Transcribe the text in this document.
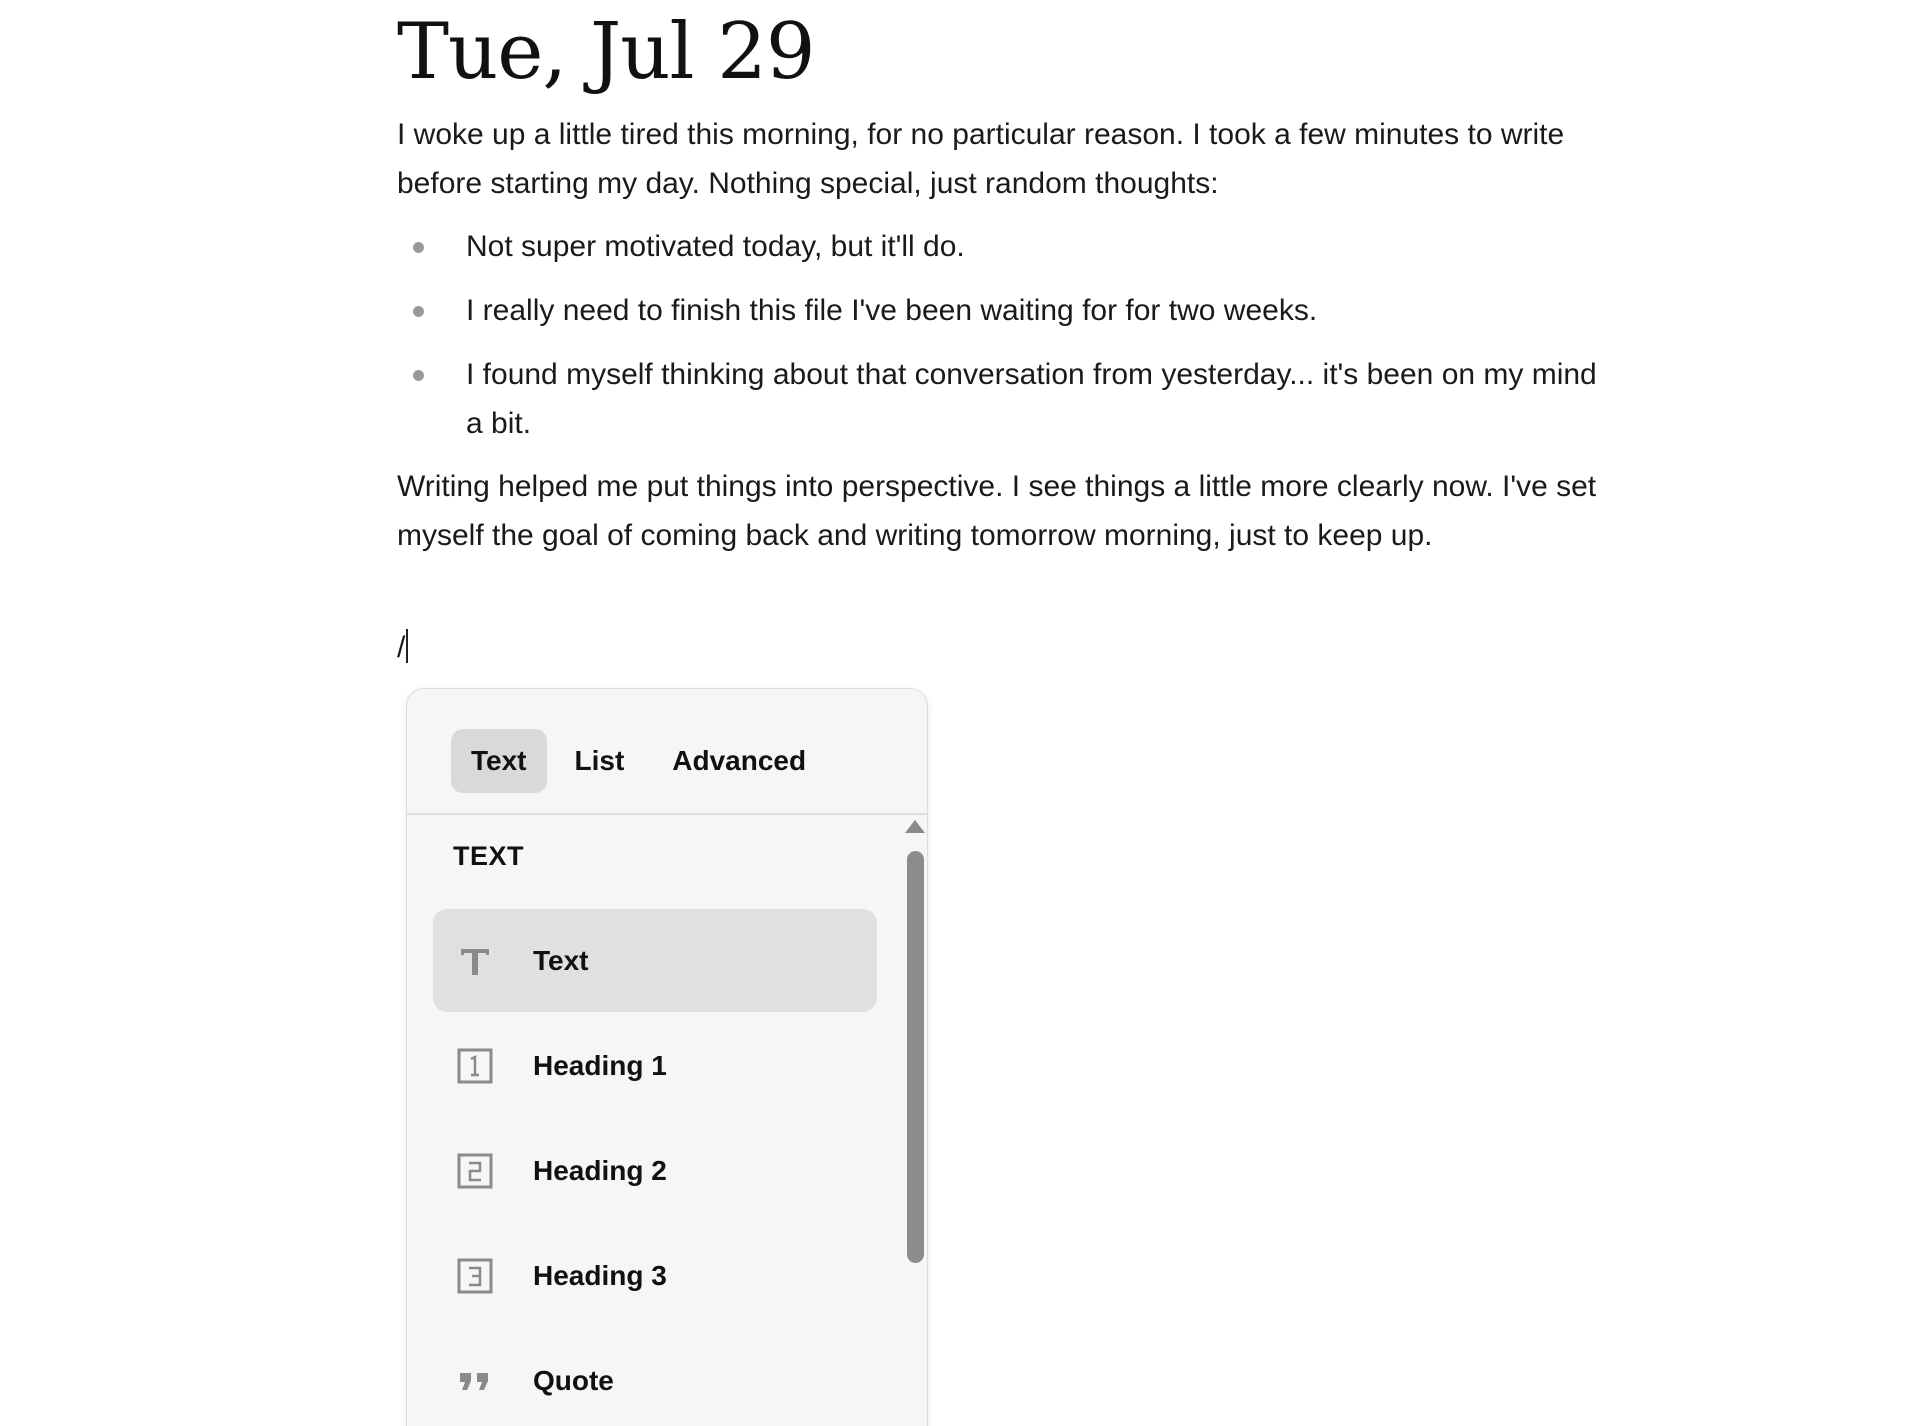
Tue, Jul 29

I woke up a little tired this morning, for no particular reason. I took a few minutes to write before starting my day. Nothing special, just random thoughts:

Not super motivated today, but it'll do.
I really need to finish this file I've been waiting for for two weeks.
I found myself thinking about that conversation from yesterday... it's been on my mind a bit.

Writing helped me put things into perspective. I see things a little more clearly now. I've set myself the goal of coming back and writing tomorrow morning, just to keep up.

/
Text	List	Advanced
TEXT
Text
Heading 1
Heading 2
Heading 3
Quote
